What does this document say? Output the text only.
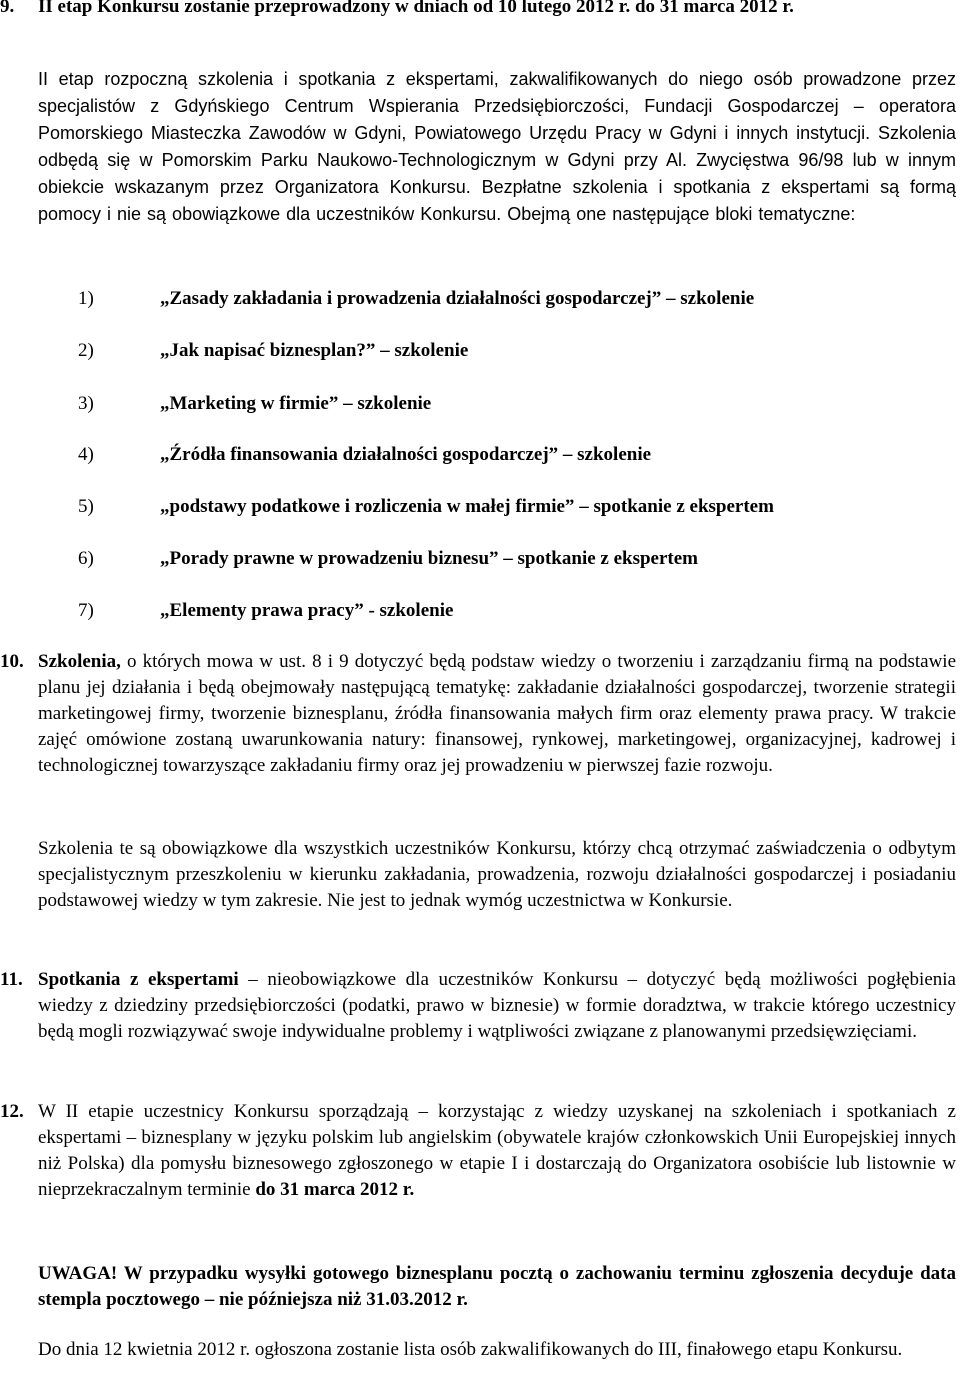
9. II etap Konkursu zostanie przeprowadzony w dniach od 10 lutego 2012 r. do 31 marca 2012 r.
II etap rozpoczną szkolenia i spotkania z ekspertami, zakwalifikowanych do niego osób prowadzone przez specjalistów z Gdyńskiego Centrum Wspierania Przedsiębiorczości, Fundacji Gospodarczej – operatora Pomorskiego Miasteczka Zawodów w Gdyni, Powiatowego Urzędu Pracy w Gdyni i innych instytucji. Szkolenia odbędą się w Pomorskim Parku Naukowo-Technologicznym w Gdyni przy Al. Zwycięstwa 96/98 lub w innym obiekcie wskazanym przez Organizatora Konkursu. Bezpłatne szkolenia i spotkania z ekspertami są formą pomocy i nie są obowiązkowe dla uczestników Konkursu. Obejmą one następujące bloki tematyczne:
1)	„Zasady zakładania i prowadzenia działalności gospodarczej” – szkolenie
2)	„Jak napisać biznesplan?” – szkolenie
3)	„Marketing w firmie” – szkolenie
4)	„Źródła finansowania działalności gospodarczej” – szkolenie
5)	„podstawy podatkowe i rozliczenia w małej firmie” – spotkanie z ekspertem
6)	„Porady prawne w prowadzeniu biznesu” – spotkanie z ekspertem
7)	„Elementy prawa pracy” - szkolenie
10. Szkolenia, o których mowa w ust. 8 i 9 dotyczyć będą podstaw wiedzy o tworzeniu i zarządzaniu firmą na podstawie planu jej działania i będą obejmowały następującą tematykę: zakładanie działalności gospodarczej, tworzenie strategii marketingowej firmy, tworzenie biznesplanu, źródła finansowania małych firm oraz elementy prawa pracy. W trakcie zajęć omówione zostaną uwarunkowania natury: finansowej, rynkowej, marketingowej, organizacyjnej, kadrowej i technologicznej towarzyszące zakładaniu firmy oraz jej prowadzeniu w pierwszej fazie rozwoju.
Szkolenia te są obowiązkowe dla wszystkich uczestników Konkursu, którzy chcą otrzymać zaświadczenia o odbytym specjalistycznym przeszkoleniu w kierunku zakładania, prowadzenia, rozwoju działalności gospodarczej i posiadaniu podstawowej wiedzy w tym zakresie. Nie jest to jednak wymóg uczestnictwa w Konkursie.
11. Spotkania z ekspertami – nieobowiązkowe dla uczestników Konkursu – dotyczyć będą możliwości pogłębienia wiedzy z dziedziny przedsiębiorczości (podatki, prawo w biznesie) w formie doradztwa, w trakcie którego uczestnicy będą mogli rozwiązywać swoje indywidualne problemy i wątpliwości związane z planowanymi przedsięwzięciami.
12. W II etapie uczestnicy Konkursu sporządzają – korzystając z wiedzy uzyskanej na szkoleniach i spotkaniach z ekspertami – biznesplany w języku polskim lub angielskim (obywatele krajów członkowskich Unii Europejskiej innych niż Polska) dla pomysłu biznesowego zgłoszonego w etapie I i dostarczają do Organizatora osobiście lub listownie w nieprzekraczalnym terminie do 31 marca 2012 r.
UWAGA! W przypadku wysyłki gotowego biznesplanu pocztą o zachowaniu terminu zgłoszenia decyduje data stempla pocztowego – nie późniejsza niż 31.03.2012 r.
Do dnia 12 kwietnia 2012 r. ogłoszona zostanie lista osób zakwalifikowanych do III, finałowego etapu Konkursu.
